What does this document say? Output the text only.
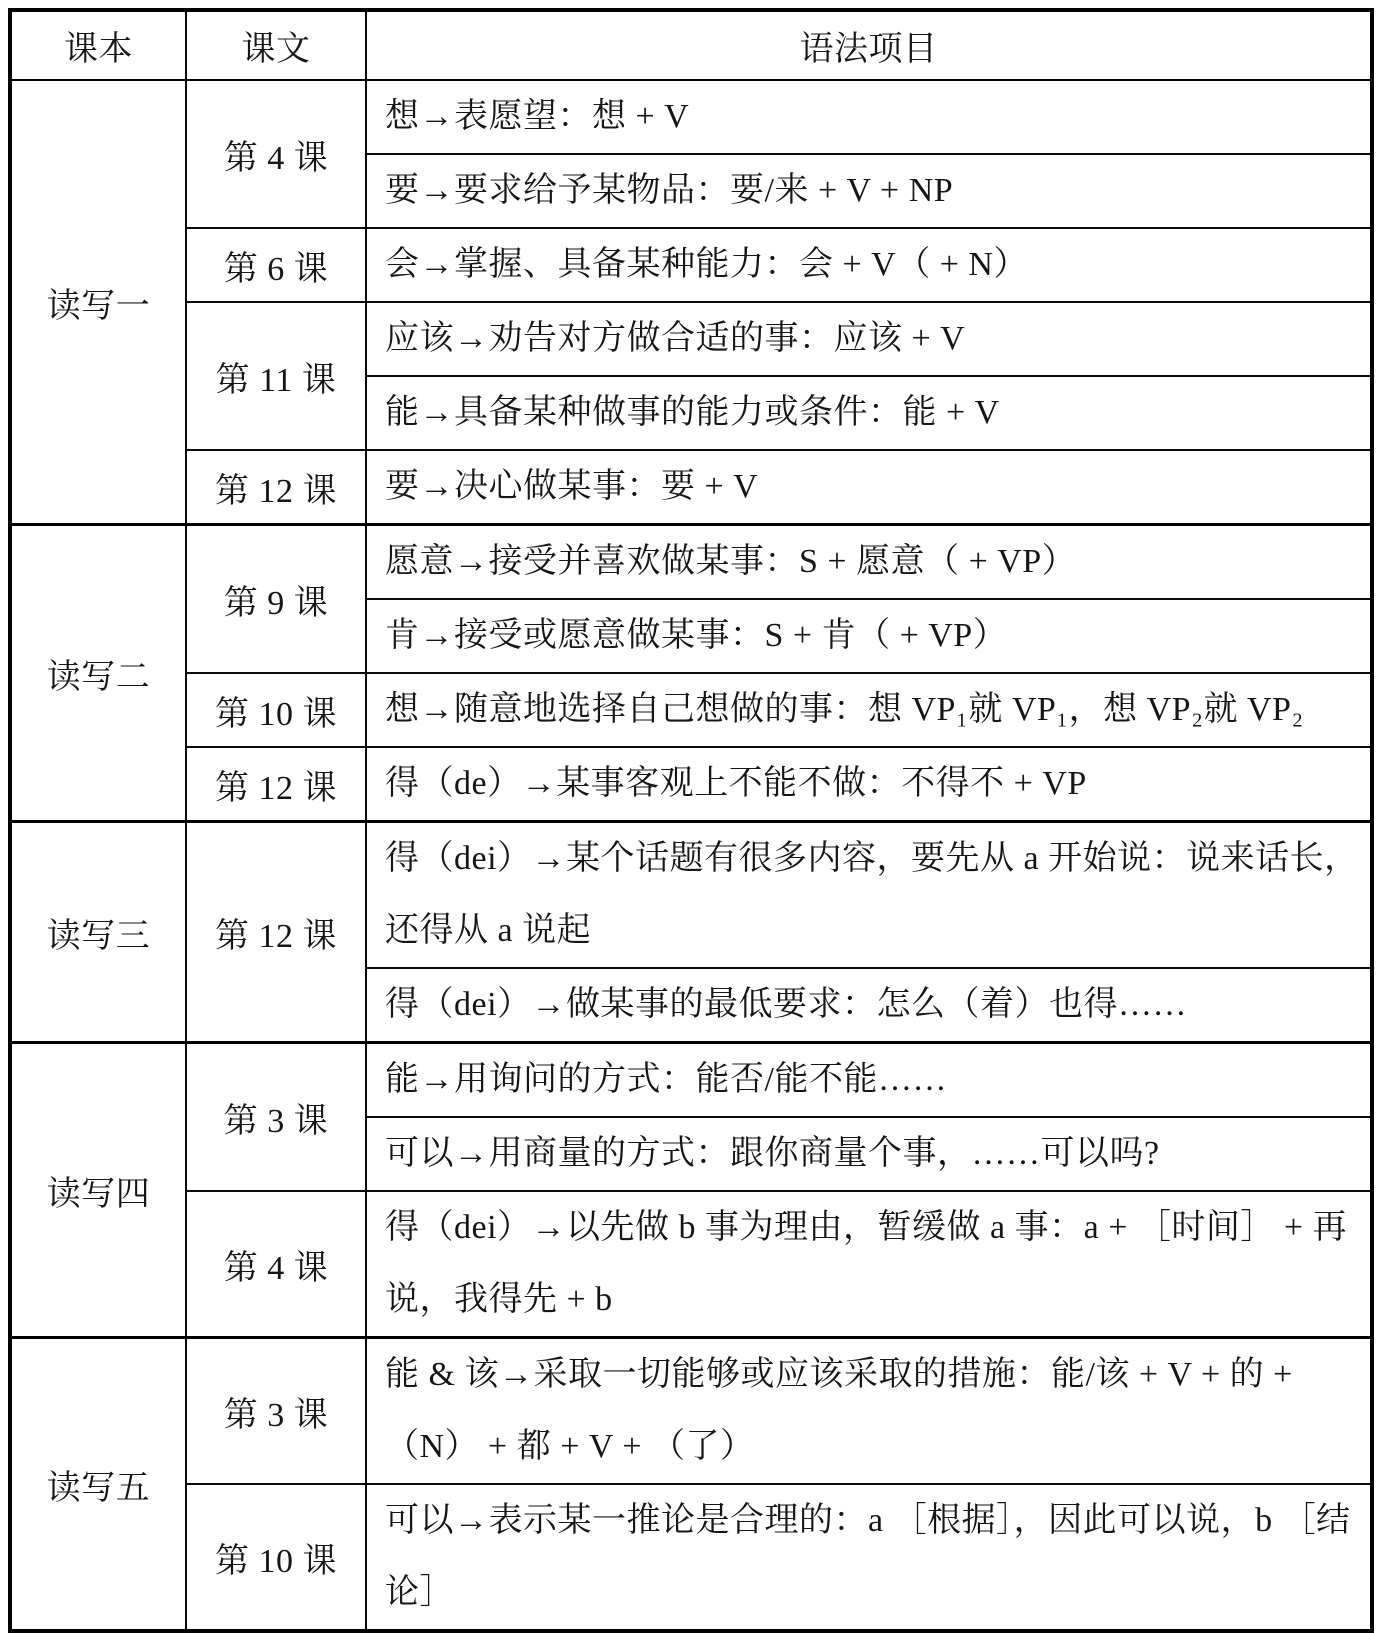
课本	课文	语法项目
读写一	第 4 课	想→表愿望：想 + V
		要→要求给予某物品：要/来 + V + NP
	第 6 课	会→掌握、具备某种能力：会 + V（ + N）
	第 11 课	应该→劝告对方做合适的事：应该 + V
		能→具备某种做事的能力或条件：能 + V
	第 12 课	要→决心做某事：要 + V
读写二	第 9 课	愿意→接受并喜欢做某事：S + 愿意（ + VP）
		肯→接受或愿意做某事：S + 肯（ + VP）
	第 10 课	想→随意地选择自己想做的事：想 VP₁就 VP₁，想 VP₂就 VP₂
	第 12 课	得（de）→某事客观上不能不做：不得不 + VP
读写三	第 12 课	得（dei）→某个话题有很多内容，要先从 a 开始说：说来话长，还得从 a 说起
		得（dei）→做某事的最低要求：怎么（着）也得……
读写四	第 3 课	能→用询问的方式：能否/能不能……
		可以→用商量的方式：跟你商量个事，……可以吗?
	第 4 课	得（dei）→以先做 b 事为理由，暂缓做 a 事：a + ［时间］ + 再说，我得先 + b
读写五	第 3 课	能 & 该→采取一切能够或应该采取的措施：能/该 + V + 的 + （N） + 都 + V + （了）
	第 10 课	可以→表示某一推论是合理的：a ［根据］，因此可以说，b ［结论］
